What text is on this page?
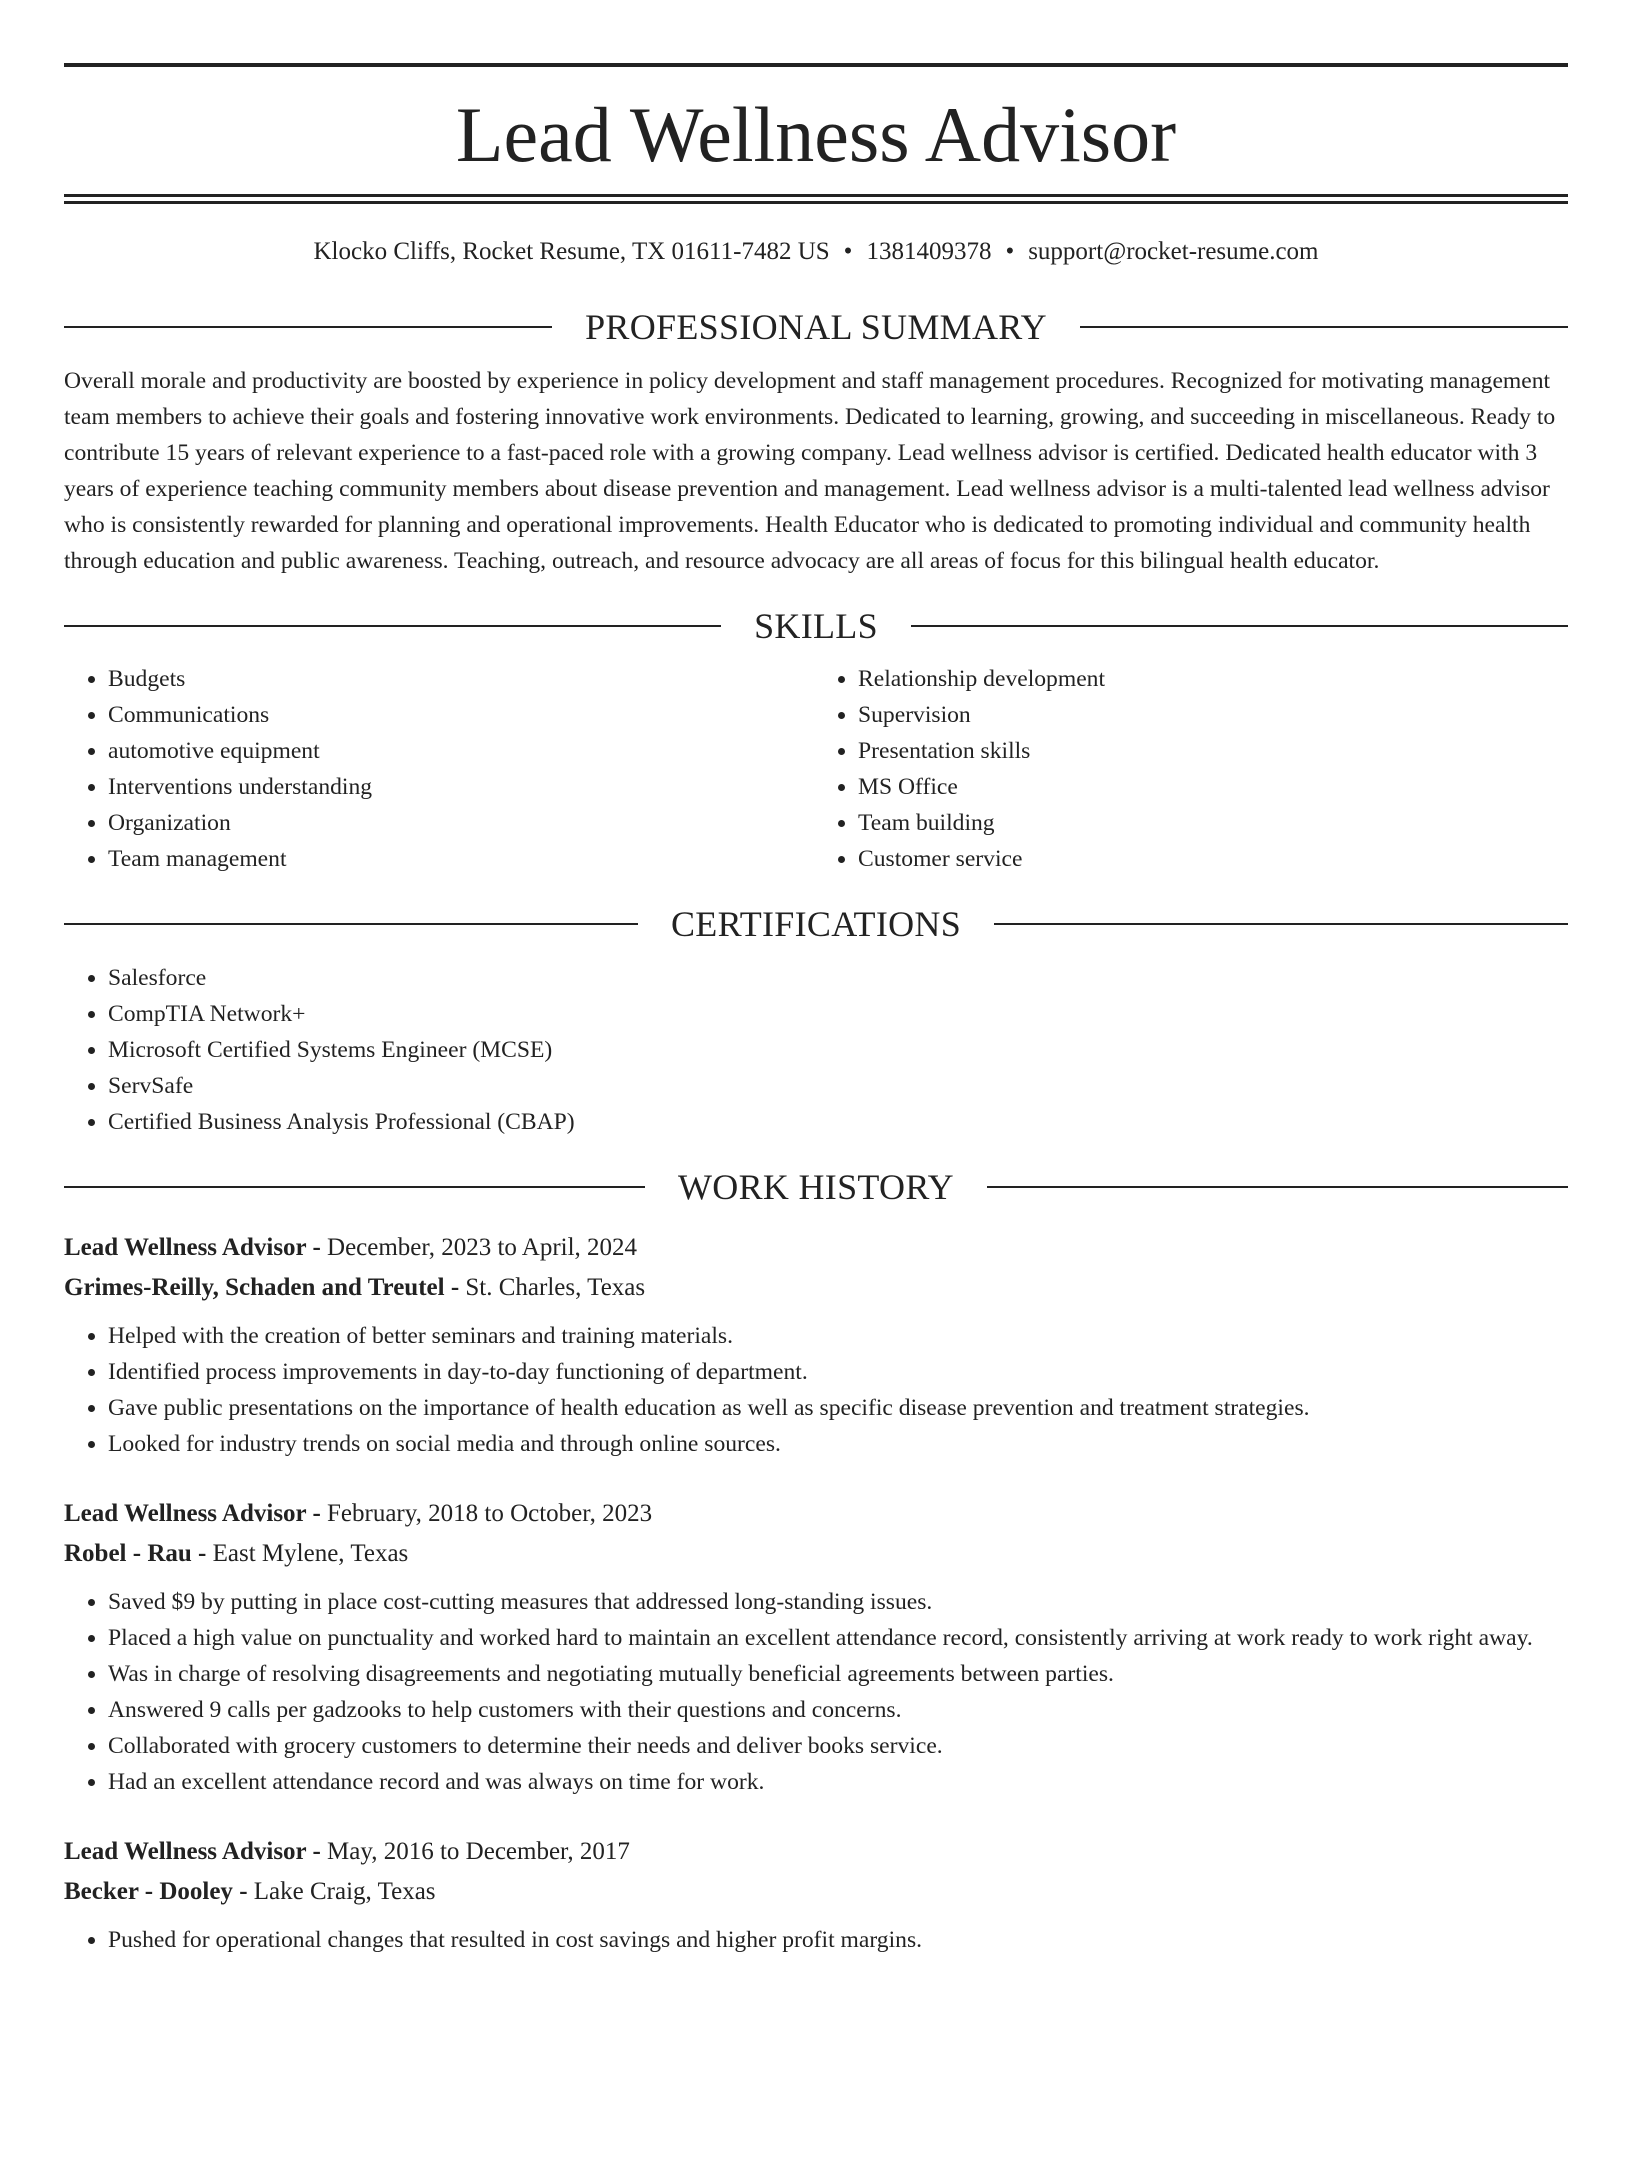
Lead Wellness Advisor
Klocko Cliffs, Rocket Resume, TX 01611-7482 US • 1381409378 • support@rocket-resume.com
PROFESSIONAL SUMMARY

Overall morale and productivity are boosted by experience in policy development and staff management procedures. Recognized for motivating management team members to achieve their goals and fostering innovative work environments. Dedicated to learning, growing, and succeeding in miscellaneous. Ready to contribute 15 years of relevant experience to a fast-paced role with a growing company. Lead wellness advisor is certified. Dedicated health educator with 3 years of experience teaching community members about disease prevention and management. Lead wellness advisor is a multi-talented lead wellness advisor who is consistently rewarded for planning and operational improvements. Health Educator who is dedicated to promoting individual and community health through education and public awareness. Teaching, outreach, and resource advocacy are all areas of focus for this bilingual health educator.

SKILLS
• Budgets
• Communications
• automotive equipment
• Interventions understanding
• Organization
• Team management
• Relationship development
• Supervision
• Presentation skills
• MS Office
• Team building
• Customer service
CERTIFICATIONS
• Salesforce
• CompTIA Network+
• Microsoft Certified Systems Engineer (MCSE)
• ServSafe
• Certified Business Analysis Professional (CBAP)
WORK HISTORY
Lead Wellness Advisor - December, 2023 to April, 2024
Grimes-Reilly, Schaden and Treutel - St. Charles, Texas
• Helped with the creation of better seminars and training materials.
• Identified process improvements in day-to-day functioning of department.
• Gave public presentations on the importance of health education as well as specific disease prevention and treatment strategies.
• Looked for industry trends on social media and through online sources.
Lead Wellness Advisor - February, 2018 to October, 2023
Robel - Rau - East Mylene, Texas
• Saved $9 by putting in place cost-cutting measures that addressed long-standing issues.
• Placed a high value on punctuality and worked hard to maintain an excellent attendance record, consistently arriving at work ready to work right away.
• Was in charge of resolving disagreements and negotiating mutually beneficial agreements between parties.
• Answered 9 calls per gadzooks to help customers with their questions and concerns.
• Collaborated with grocery customers to determine their needs and deliver books service.
• Had an excellent attendance record and was always on time for work.
Lead Wellness Advisor - May, 2016 to December, 2017
Becker - Dooley - Lake Craig, Texas
• Pushed for operational changes that resulted in cost savings and higher profit margins.
